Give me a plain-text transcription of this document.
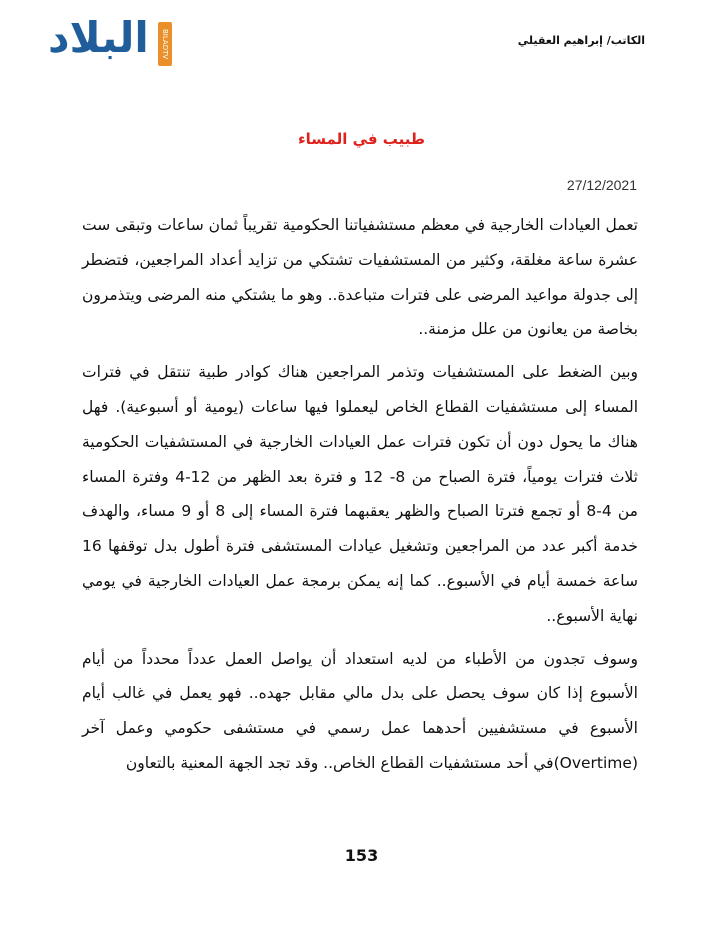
البلاد	BILADTV	الكاتب/ إبراهيم العقيلي
طبيب في المساء
27/12/2021

تعمل العيادات الخارجية في معظم مستشفياتنا الحكومية تقريباً ثمان ساعات وتبقى ست عشرة ساعة مغلقة، وكثير من المستشفيات تشتكي من تزايد أعداد المراجعين، فتضطر إلى جدولة مواعيد المرضى على فترات متباعدة.. وهو ما يشتكي منه المرضى ويتذمرون بخاصة من يعانون من علل مزمنة..

وبين الضغط على المستشفيات وتذمر المراجعين هناك كوادر طبية تنتقل في فترات المساء إلى مستشفيات القطاع الخاص ليعملوا فيها ساعات (يومية أو أسبوعية). فهل هناك ما يحول دون أن تكون فترات عمل العيادات الخارجية في المستشفيات الحكومية ثلاث فترات يومياً، فترة الصباح من 8- 12 و فترة بعد الظهر من 12-4 وفترة المساء من 4-8 أو تجمع فترتا الصباح والظهر يعقبهما فترة المساء إلى 8 أو 9 مساء، والهدف خدمة أكبر عدد من المراجعين وتشغيل عيادات المستشفى فترة أطول بدل توقفها 16 ساعة خمسة أيام في الأسبوع.. كما إنه يمكن برمجة عمل العيادات الخارجية في يومي نهاية الأسبوع..

وسوف تجدون من الأطباء من لديه استعداد أن يواصل العمل عدداً محدداً من أيام الأسبوع إذا كان سوف يحصل على بدل مالي مقابل جهده.. فهو يعمل في غالب أيام الأسبوع في مستشفيين أحدهما عمل رسمي في مستشفى حكومي وعمل آخر (Overtime)في أحد مستشفيات القطاع الخاص.. وقد تجد الجهة المعنية بالتعاون

153
